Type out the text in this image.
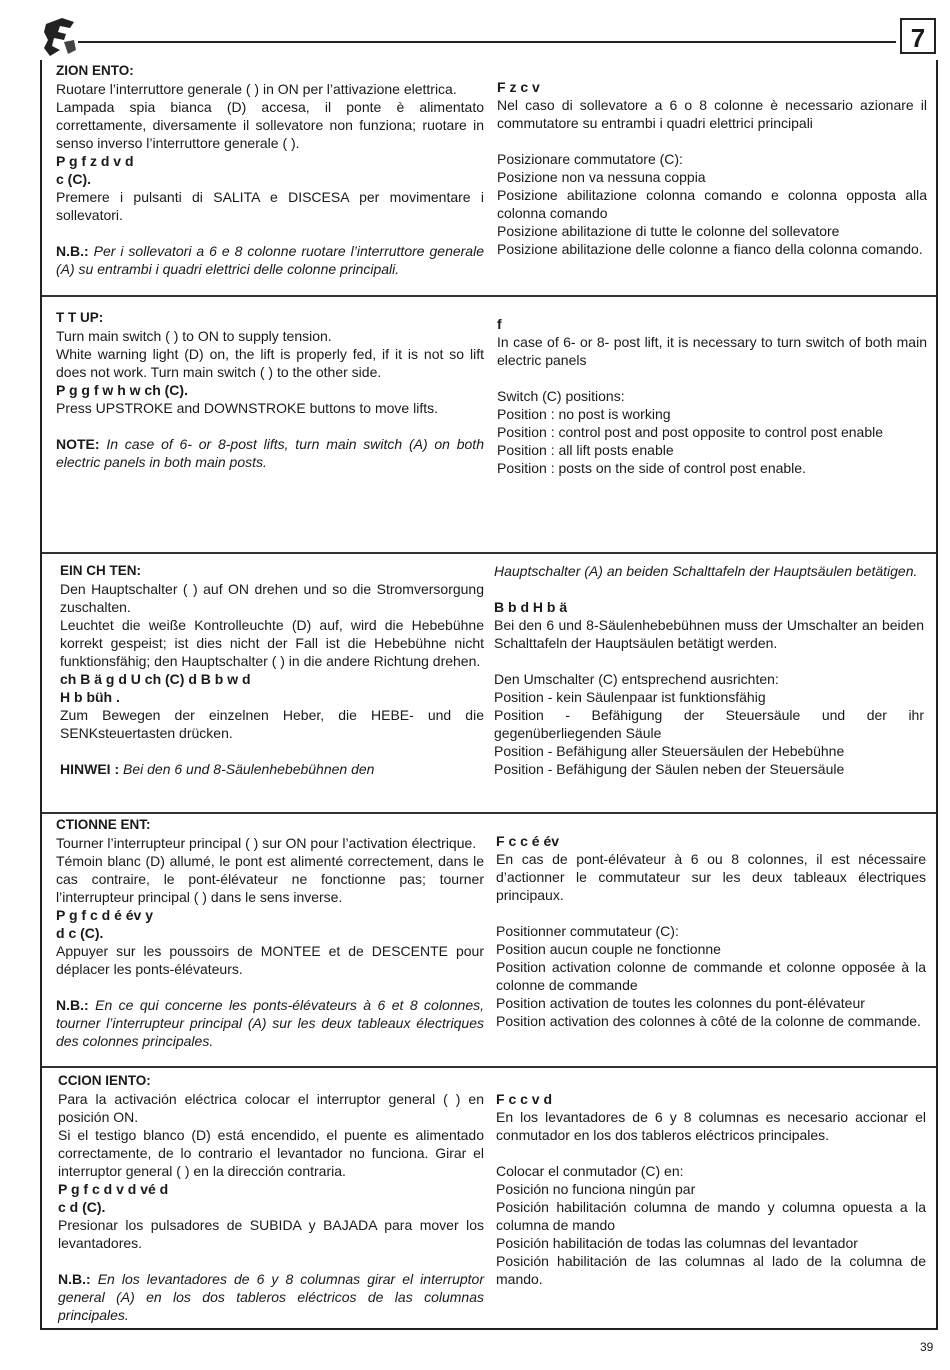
7

ZION ENTO:

Ruotare l’interruttore generale ( ) in ON per l’attivazione elettrica.

Lampada spia bianca (D) accesa, il ponte è alimentato correttamente, diversamente il sollevatore non funziona; ruotare in senso inverso l’interruttore generale ( ).

P g f z d v d

c (C).

Premere i pulsanti di SALITA e DISCESA per movimentare i sollevatori.

N.B.: Per i sollevatori a 6 e 8 colonne ruotare l’interruttore generale (A) su entrambi i quadri elettrici delle colonne principali.

F z c v

Nel caso di sollevatore a 6 o 8 colonne è necessario azionare il commutatore su entrambi i quadri elettrici principali

Posizionare commutatore (C):

Posizione non va nessuna coppia

Posizione abilitazione colonna comando e colonna opposta alla colonna comando

Posizione abilitazione di tutte le colonne del sollevatore

Posizione abilitazione delle colonne a fianco della colonna comando.

T T UP:

Turn main switch ( ) to ON to supply tension.

White warning light (D) on, the lift is properly fed, if it is not so lift does not work. Turn main switch ( ) to the other side.

P g g f w h w ch (C).

Press UPSTROKE and DOWNSTROKE buttons to move lifts.

NOTE: In case of 6- or 8-post lifts, turn main switch (A) on both electric panels in both main posts.

f

In case of 6- or 8- post lift, it is necessary to turn switch of both main electric panels

Switch (C) positions:

Position : no post is working

Position : control post and post opposite to control post enable

Position : all lift posts enable

Position : posts on the side of control post enable.

EIN CH TEN:

Den Hauptschalter ( ) auf ON drehen und so die Stromversorgung zuschalten.

Leuchtet die weiße Kontrolleuchte (D) auf, wird die Hebebühne korrekt gespeist; ist dies nicht der Fall ist die Hebebühne nicht funktionsfähig; den Hauptschalter ( ) in die andere Richtung drehen.

ch B ä g d U ch (C) d B b w d

H b büh .

Zum Bewegen der einzelnen Heber, die HEBE- und die SENKsteuertasten drücken.

HINWEI : Bei den 6 und 8-Säulenhebebühnen den

Hauptschalter (A) an beiden Schalttafeln der Hauptsäulen betätigen.

B b d H b ä

Bei den 6 und 8-Säulenhebebühnen muss der Umschalter an beiden Schalttafeln der Hauptsäulen betätigt werden.

Den Umschalter (C) entsprechend ausrichten:

Position - kein Säulenpaar ist funktionsfähig

Position - Befähigung der Steuersäule und der ihr gegenüberliegenden Säule

Position - Befähigung aller Steuersäulen der Hebebühne

Position - Befähigung der Säulen neben der Steuersäule

CTIONNE ENT:

Tourner l’interrupteur principal ( ) sur ON pour l’activation électrique.

Témoin blanc (D) allumé, le pont est alimenté correctement, dans le cas contraire, le pont-élévateur ne fonctionne pas; tourner l’interrupteur principal ( ) dans le sens inverse.

P g f c d é év y

d c (C).

Appuyer sur les poussoirs de MONTEE et de DESCENTE pour déplacer les ponts-élévateurs.

N.B.: En ce qui concerne les ponts-élévateurs à 6 et 8 colonnes, tourner l’interrupteur principal (A) sur les deux tableaux électriques des colonnes principales.

F c c é év

En cas de pont-élévateur à 6 ou 8 colonnes, il est nécessaire d’actionner le commutateur sur les deux tableaux électriques principaux.

Positionner commutateur (C):

Position aucun couple ne fonctionne

Position activation colonne de commande et colonne opposée à la colonne de commande

Position activation de toutes les colonnes du pont-élévateur

Position activation des colonnes à côté de la colonne de commande.

CCION IENTO:

Para la activación eléctrica colocar el interruptor general ( ) en posición ON.

Si el testigo blanco (D) está encendido, el puente es alimentado correctamente, de lo contrario el levantador no funciona. Girar el interruptor general ( ) en la dirección contraria.

P g f c d v d vé d

c d (C).

Presionar los pulsadores de SUBIDA y BAJADA para mover los levantadores.

N.B.: En los levantadores de 6 y 8 columnas girar el interruptor general (A) en los dos tableros eléctricos de las columnas principales.

F c c v d

En los levantadores de 6 y 8 columnas es necesario accionar el conmutador en los dos tableros eléctricos principales.

Colocar el conmutador (C) en:

Posición no funciona ningún par

Posición habilitación columna de mando y columna opuesta a la columna de mando

Posición habilitación de todas las columnas del levantador

Posición habilitación de las columnas al lado de la columna de mando.

39
